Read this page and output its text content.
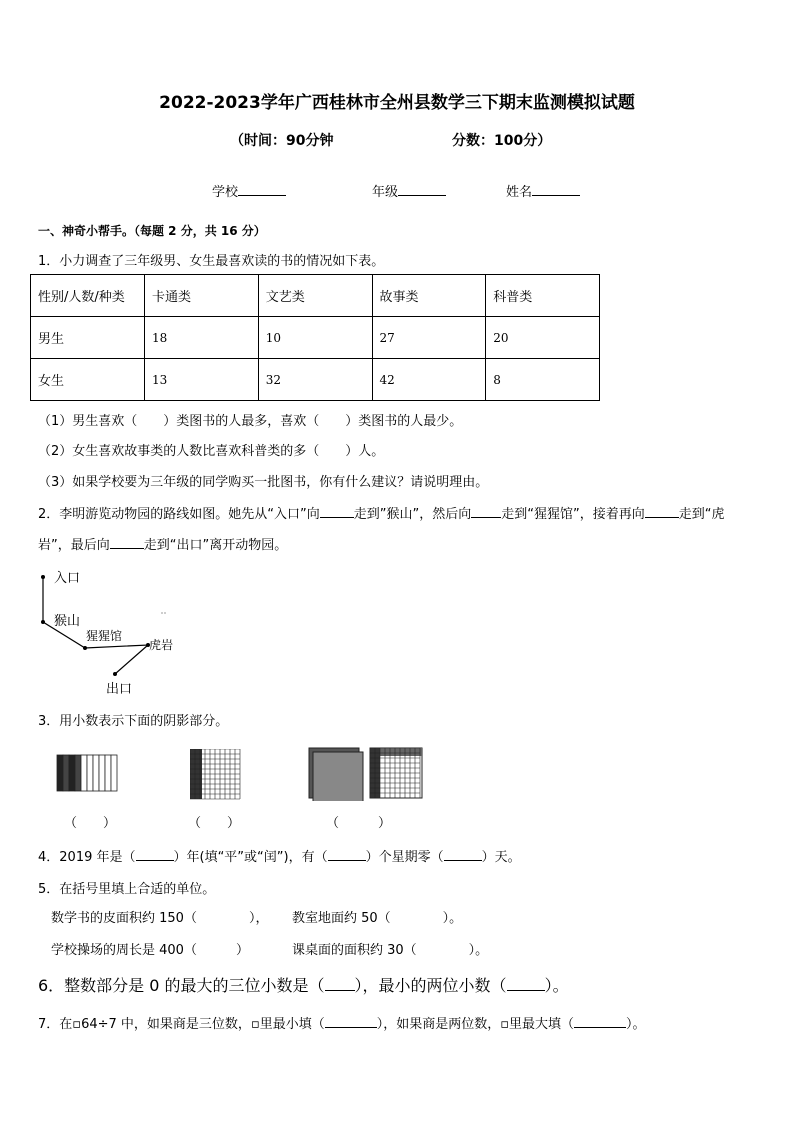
2022-2023学年广西桂林市全州县数学三下期末监测模拟试题
（时间：90分钟	分数：100分）
学校	年级	姓名
一、神奇小帮手。（每题 2 分，共 16 分）
1．小力调查了三年级男、女生最喜欢读的书的情况如下表。
性别/人数/种类	卡通类	文艺类	故事类	科普类
男生	18	10	27	20
女生	13	32	42	8
（1）男生喜欢（　　）类图书的人最多，喜欢（　　）类图书的人最少。
（2）女生喜欢故事类的人数比喜欢科普类的多（　　）人。
（3）如果学校要为三年级的同学购买一批图书，你有什么建议？请说明理由。
2．李明游览动物园的路线如图。她先从“入口”向	走到”猴山”，然后向 走到“猩猩馆”，接着再向	走到“虎
岩”，最后向	走到“出口”离开动物园。
入口
猴山
猩猩馆
虎岩
出口
3．用小数表示下面的阴影部分。
（　　）	（　　）	（　　　）
4．2019 年是（	）年(填“平”或“闰”)，有（	）个星期零（	）天。
5．在括号里填上合适的单位。
数学书的皮面积约 150（　　　　）， 教室地面约 50（　　　　）。
学校操场的周长是 400（　　　）	课桌面的面积约 30（　　　　）。
6．整数部分是 0 的最大的三位小数是（ ），最小的两位小数（ ）。
7．在▫64÷7 中，如果商是三位数，▫里最小填（	），如果商是两位数，▫里最大填（	）。
